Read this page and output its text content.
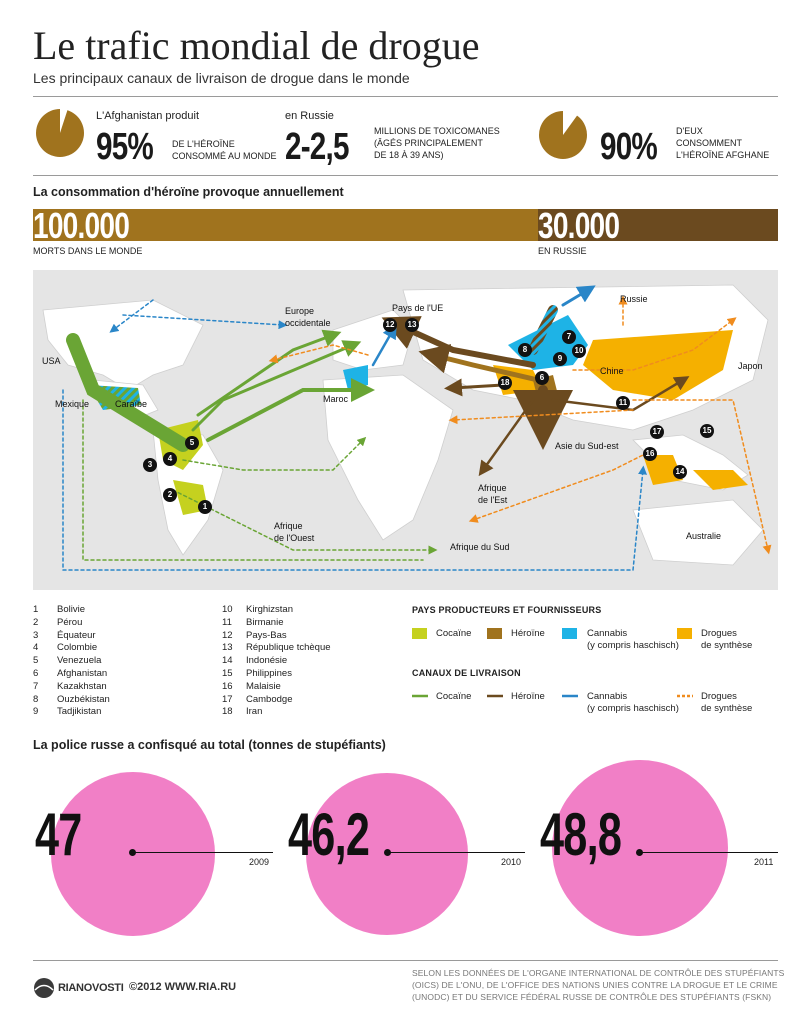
Le trafic mondial de drogue
Les principaux canaux de livraison de drogue dans le monde
L'Afghanistan produit
95% DE L'HÉROÏNE
CONSOMMÉ AU MONDE
en Russie
2-2,5	MILLIONS DE TOXICOMANES
(ÂGÉS PRINCIPALEMENT
DE 18 À 39 ANS)	90% D'EUX
CONSOMMENT
L'HÉROÏNE AFGHANE
La consommation d'héroïne provoque annuellement
100.000	30.000
MORTS DANS LE MONDE	EN RUSSIE
USA
Mexique	Caraïbe
Europe
occidentale
Pays de l'UE
Russie
Chine	Japon
Maroc
Asie du Sud-est
Afrique
de l'Est
Afrique
de l'Ouest
Afrique du Sud
Australie
1
2
3
4
5
6
7
8
9
10
11
12	13
14
15
16
17
18
1 Bolivie
2 Pérou
3 Équateur
4 Colombie
5 Venezuela
6 Afghanistan
7 Kazakhstan
8 Ouzbékistan
9 Tadjikistan
10 Kirghizstan
11 Birmanie
12 Pays-Bas
13 République tchèque
14 Indonésie
15 Philippines
16 Malaisie
17 Cambodge
18 Iran
PAYS PRODUCTEURS ET FOURNISSEURS
Cocaïne	Héroïne	Cannabis
(y compris haschisch)
Drogues
de synthèse
CANAUX DE LIVRAISON
Cocaïne	Héroïne	Cannabis
(y compris haschisch)
Drogues
de synthèse
La police russe a confisqué au total (tonnes de stupéfiants)
47	46,2	48,8
2009	2010	2011
RIANOVOSTI ©2012 WWW.RIA.RU
SELON LES DONNÉES DE L'ORGANE INTERNATIONAL DE CONTRÔLE DES STUPÉFIANTS
(OICS) DE L'ONU, DE L'OFFICE DES NATIONS UNIES CONTRE LA DROGUE ET LE CRIME
(UNODC) ET DU SERVICE FÉDÉRAL RUSSE DE CONTRÔLE DES STUPÉFIANTS (FSKN)
